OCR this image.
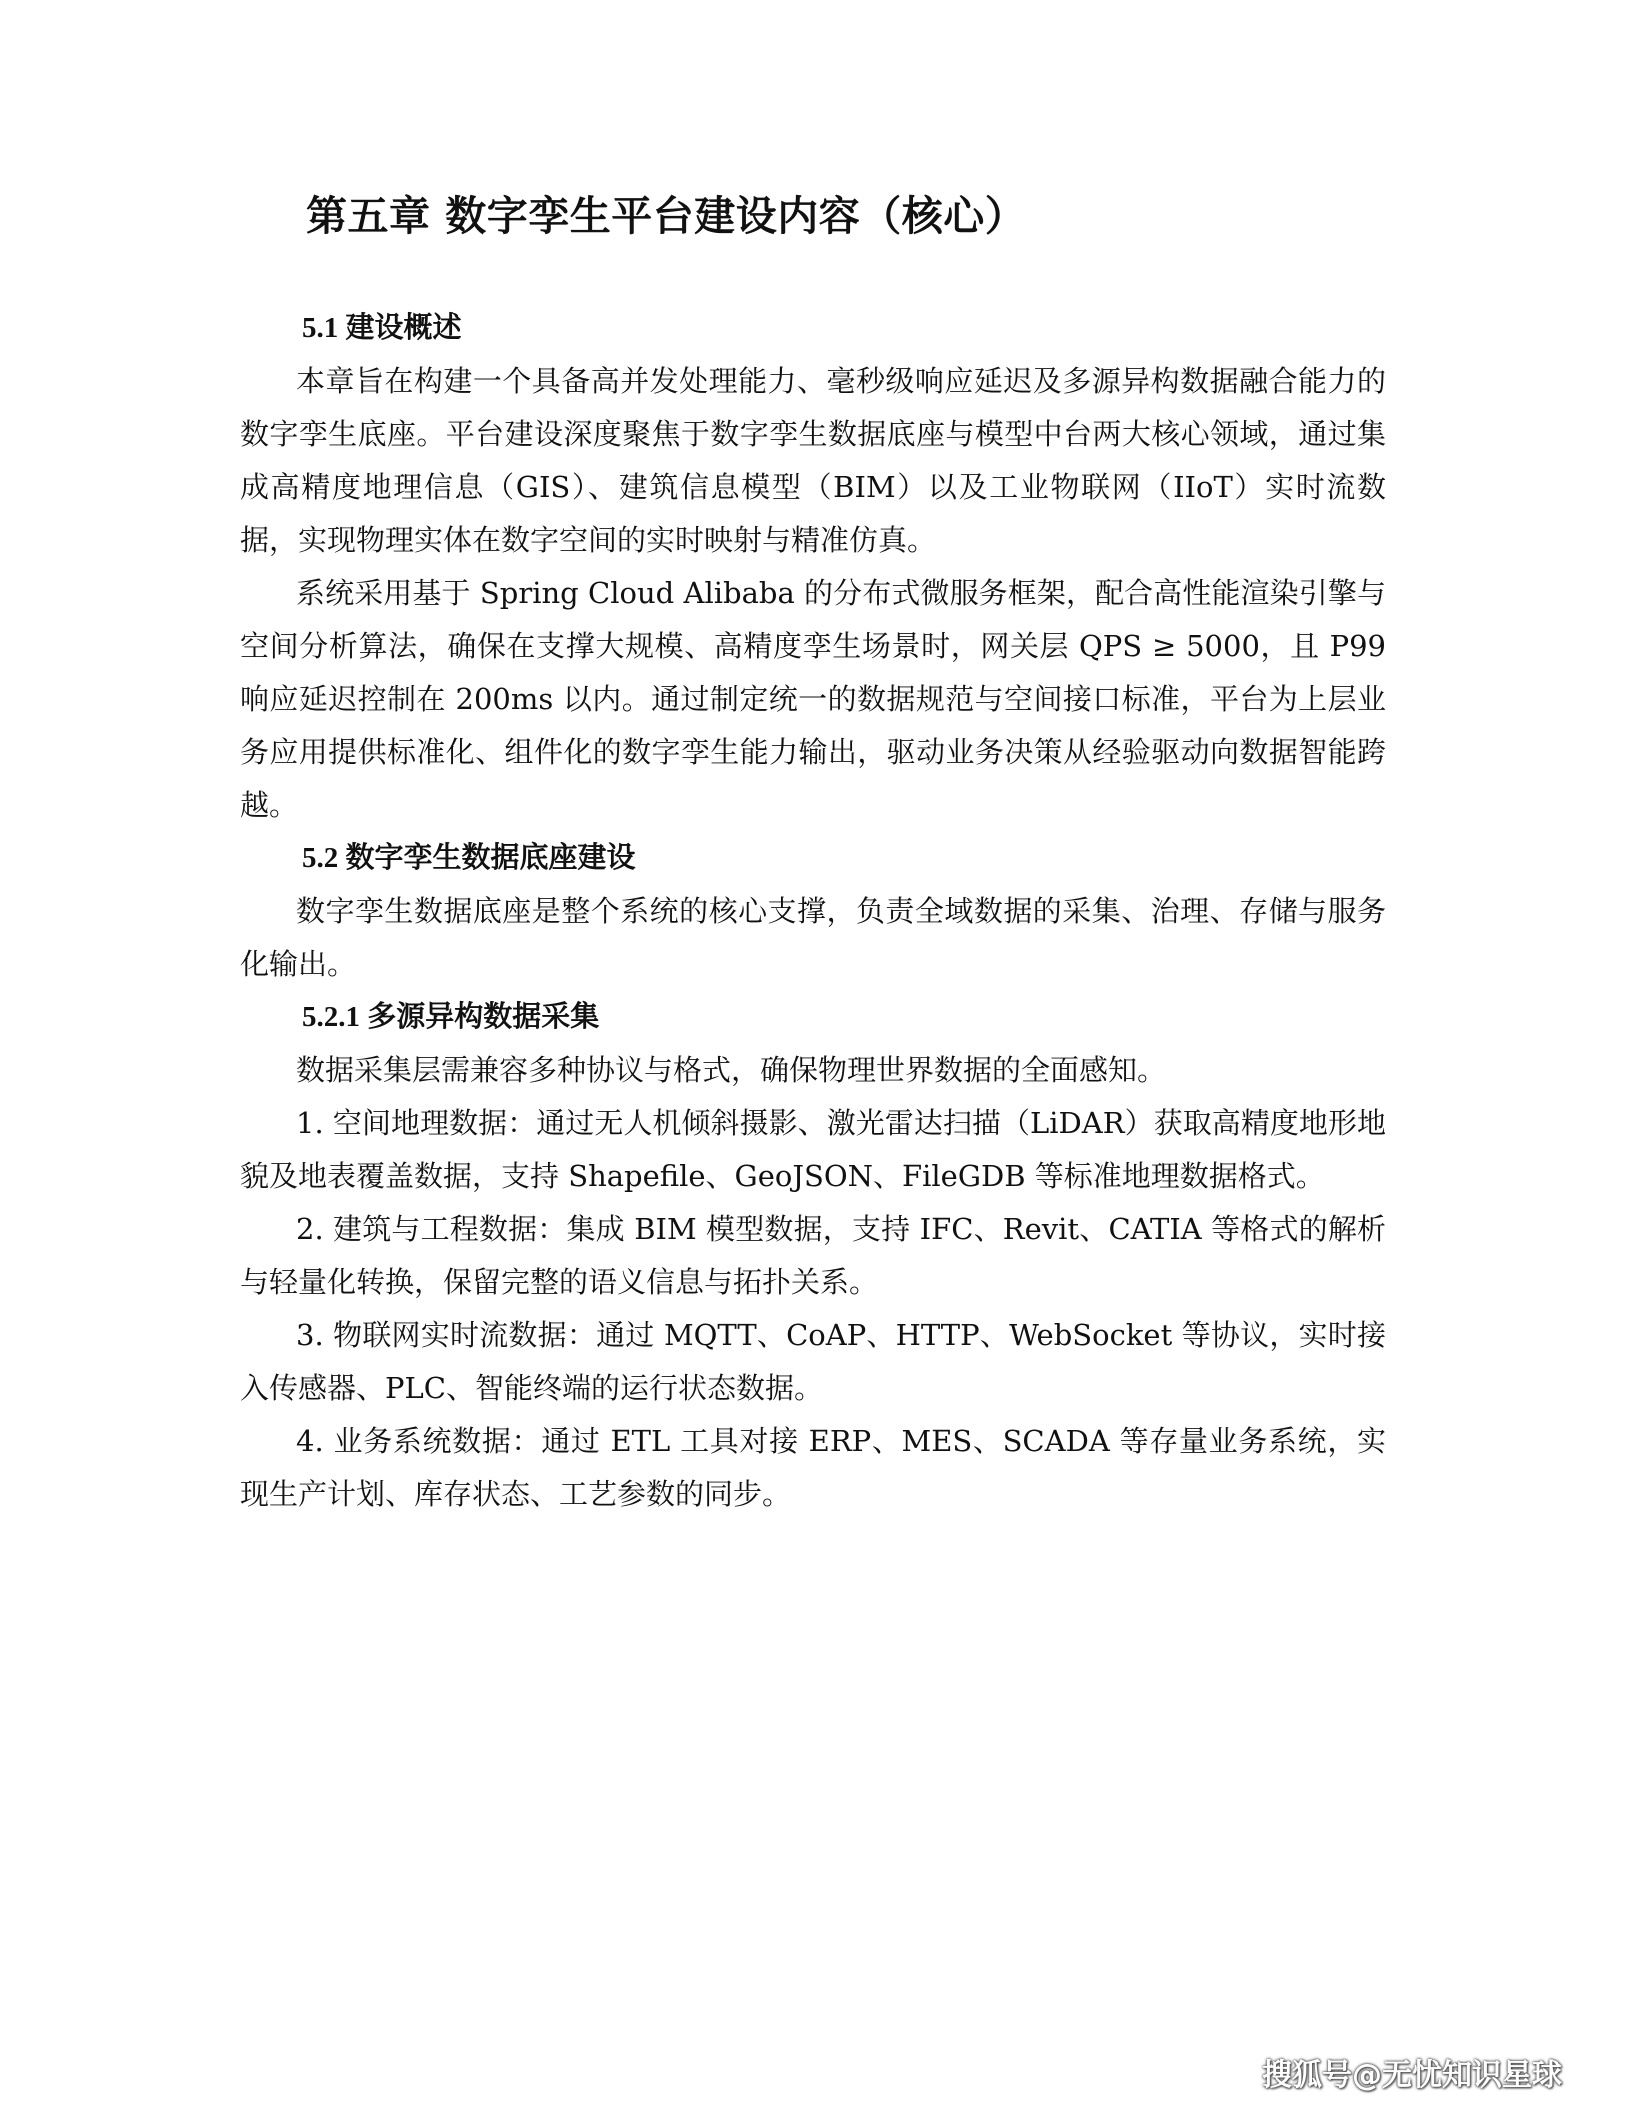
第五章 数字孪生平台建设内容（核心）
5.1 建设概述

本章旨在构建一个具备高并发处理能力、毫秒级响应延迟及多源异构数据融合能力的数字孪生底座。平台建设深度聚焦于数字孪生数据底座与模型中台两大核心领域，通过集成高精度地理信息（GIS）、建筑信息模型（BIM）以及工业物联网（IIoT）实时流数据，实现物理实体在数字空间的实时映射与精准仿真。

系统采用基于 Spring Cloud Alibaba 的分布式微服务框架，配合高性能渲染引擎与空间分析算法，确保在支撑大规模、高精度孪生场景时，网关层 QPS ≥ 5000，且 P99 响应延迟控制在 200ms 以内。通过制定统一的数据规范与空间接口标准，平台为上层业务应用提供标准化、组件化的数字孪生能力输出，驱动业务决策从经验驱动向数据智能跨越。

5.2 数字孪生数据底座建设

数字孪生数据底座是整个系统的核心支撑，负责全域数据的采集、治理、存储与服务化输出。

5.2.1 多源异构数据采集

数据采集层需兼容多种协议与格式，确保物理世界数据的全面感知。

1. 空间地理数据：通过无人机倾斜摄影、激光雷达扫描（LiDAR）获取高精度地形地貌及地表覆盖数据，支持 Shapefile、GeoJSON、FileGDB 等标准地理数据格式。

2. 建筑与工程数据：集成 BIM 模型数据，支持 IFC、Revit、CATIA 等格式的解析与轻量化转换，保留完整的语义信息与拓扑关系。

3. 物联网实时流数据：通过 MQTT、CoAP、HTTP、WebSocket 等协议，实时接入传感器、PLC、智能终端的运行状态数据。

4. 业务系统数据：通过 ETL 工具对接 ERP、MES、SCADA 等存量业务系统，实现生产计划、库存状态、工艺参数的同步。

搜狐号@无忧知识星球
